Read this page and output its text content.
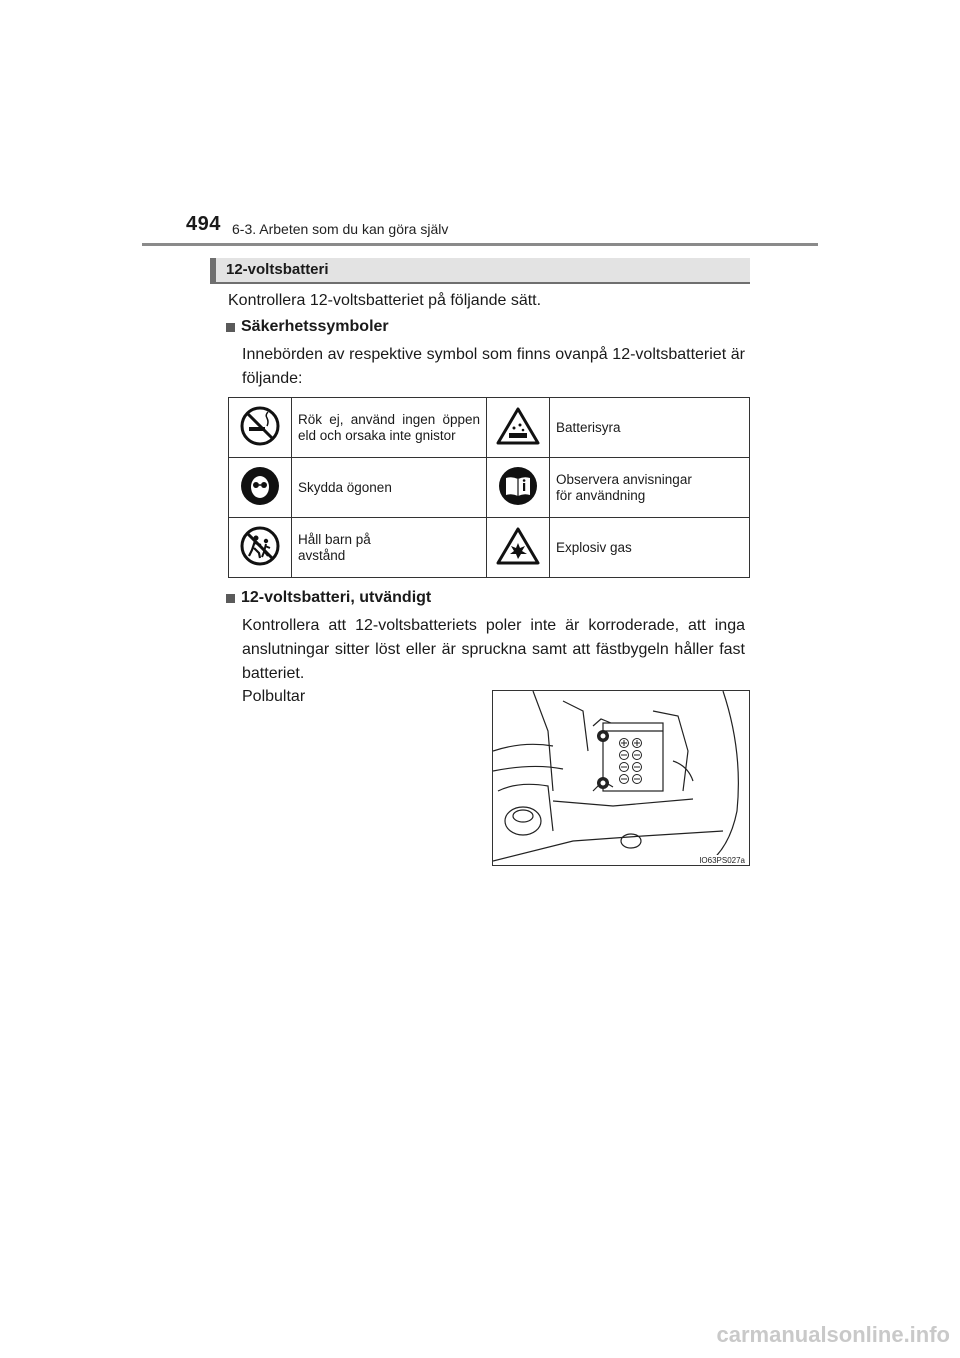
494 6-3. Arbeten som du kan göra själv
12-voltsbatteri
Kontrollera 12-voltsbatteriet på följande sätt.
Säkerhetssymboler
Innebörden av respektive symbol som finns ovanpå 12-voltsbatteriet är följande:

Rök ej, använd ingen öppen eld och orsaka inte gnistor		Batterisyra
	Skydda ögonen		Observera anvisningar för användning

Håll barn på avstånd		Explosiv gas
12-voltsbatteri, utvändigt
Kontrollera att 12-voltsbatteriets poler inte är korroderade, att inga anslutningar sitter löst eller är spruckna samt att fästbygeln håller fast batteriet.
Polbultar
IO63PS027a
carmanualsonline.info
